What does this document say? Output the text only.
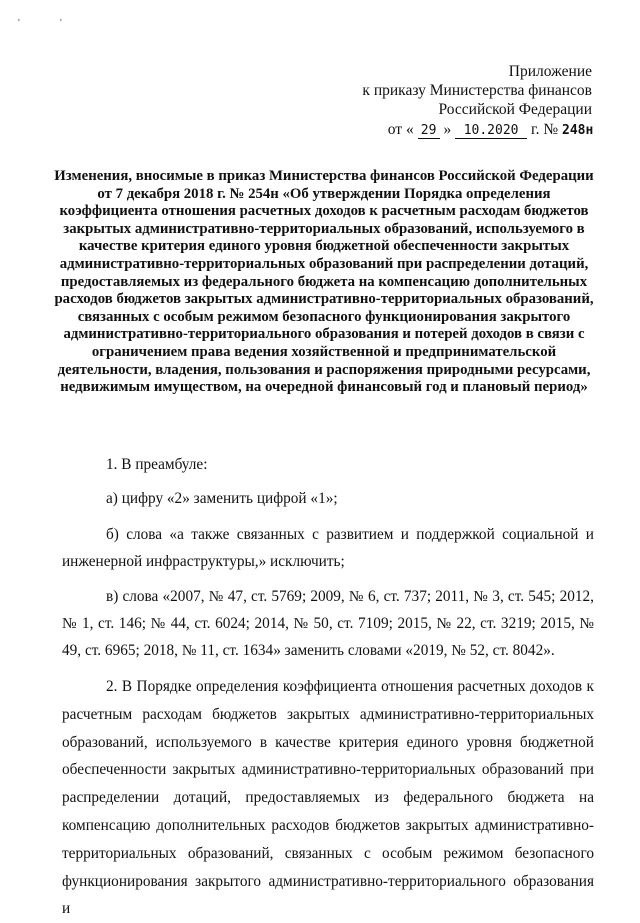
'	'
Приложение
к приказу Министерства финансов
Российской Федерации
от « 29 » 10.2020 г. № 248н
Изменения, вносимые в приказ Министерства финансов Российской Федерации от 7 декабря 2018 г. № 254н «Об утверждении Порядка определения коэффициента отношения расчетных доходов к расчетным расходам бюджетов закрытых административно-территориальных образований, используемого в качестве критерия единого уровня бюджетной обеспеченности закрытых административно-территориальных образований при распределении дотаций, предоставляемых из федерального бюджета на компенсацию дополнительных расходов бюджетов закрытых административно-территориальных образований, связанных с особым режимом безопасного функционирования закрытого административно-территориального образования и потерей доходов в связи с ограничением права ведения хозяйственной и предпринимательской деятельности, владения, пользования и распоряжения природными ресурсами, недвижимым имуществом, на очередной финансовый год и плановый период»

1. В преамбуле:

а) цифру «2» заменить цифрой «1»;

б) слова «а также связанных с развитием и поддержкой социальной и инженерной инфраструктуры,» исключить;

в) слова «2007, № 47, ст. 5769; 2009, № 6, ст. 737; 2011, № 3, ст. 545; 2012, № 1, ст. 146; № 44, ст. 6024; 2014, № 50, ст. 7109; 2015, № 22, ст. 3219; 2015, № 49, ст. 6965; 2018, № 11, ст. 1634» заменить словами «2019, № 52, ст. 8042».

2. В Порядке определения коэффициента отношения расчетных доходов к расчетным расходам бюджетов закрытых административно-территориальных образований, используемого в качестве критерия единого уровня бюджетной обеспеченности закрытых административно-территориальных образований при распределении дотаций, предоставляемых из федерального бюджета на компенсацию дополнительных расходов бюджетов закрытых административно-территориальных образований, связанных с особым режимом безопасного функционирования закрытого административно-территориального образования и
